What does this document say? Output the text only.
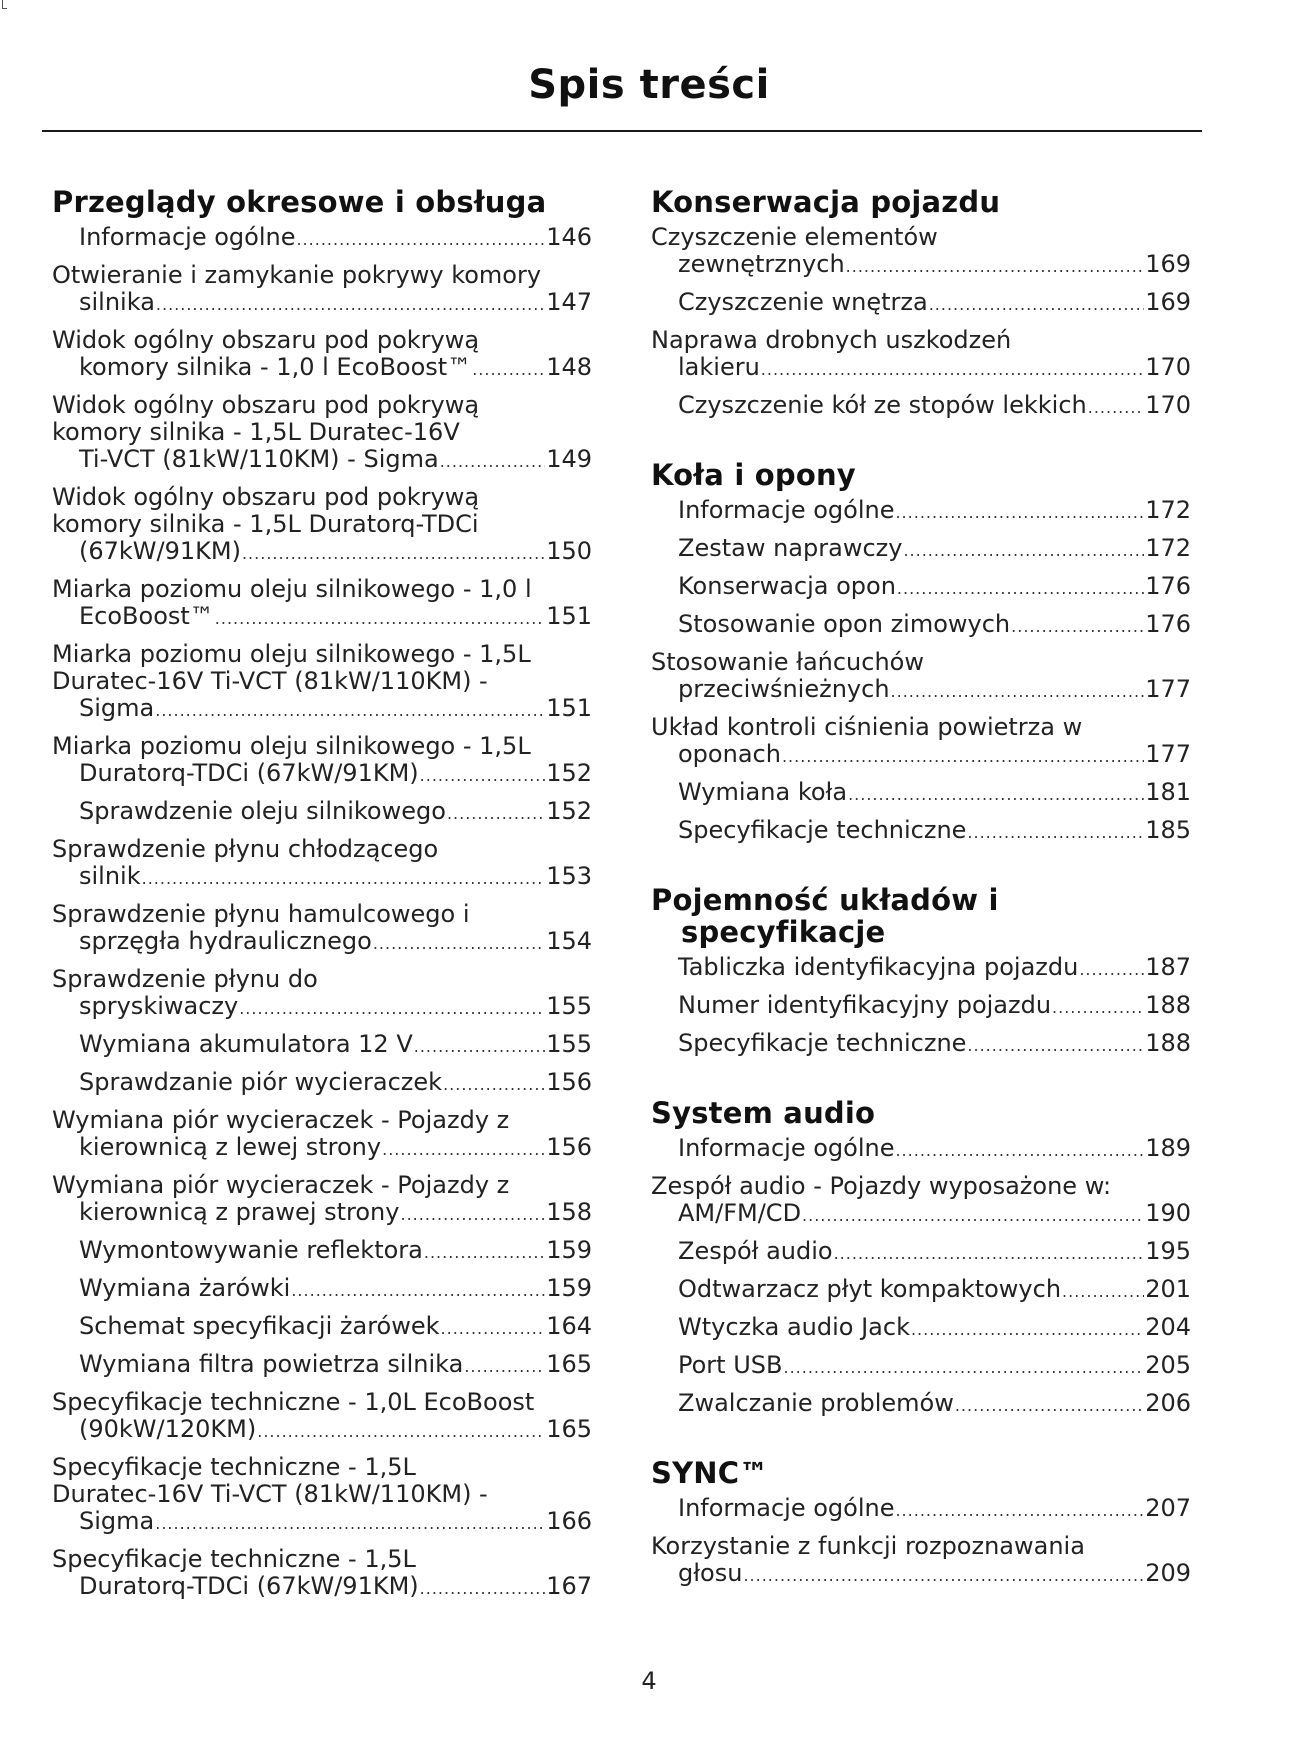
Spis treści
Przeglądy okresowe i obsługa
Informacje ogólne .....	146
Otwieranie i zamykanie pokrywy komory
silnika .....	147
Widok ogólny obszaru pod pokrywą
komory silnika - 1,0 l EcoBoost™ .....	148
Widok ogólny obszaru pod pokrywą
komory silnika - 1,5L Duratec-16V
Ti-VCT (81kW/110KM) - Sigma .....	149
Widok ogólny obszaru pod pokrywą
komory silnika - 1,5L Duratorq-TDCi
(67kW/91KM) .....	150
Miarka poziomu oleju silnikowego - 1,0 l
EcoBoost™ .....	151
Miarka poziomu oleju silnikowego - 1,5L
Duratec-16V Ti-VCT (81kW/110KM) -
Sigma .....	151
Miarka poziomu oleju silnikowego - 1,5L
Duratorq-TDCi (67kW/91KM) .....	152
Sprawdzenie oleju silnikowego .....	152
Sprawdzenie płynu chłodzącego
silnik .....	153
Sprawdzenie płynu hamulcowego i
sprzęgła hydraulicznego .....	154
Sprawdzenie płynu do
spryskiwaczy .....	155
Wymiana akumulatora 12 V .....	155
Sprawdzanie piór wycieraczek .....	156
Wymiana piór wycieraczek - Pojazdy z
kierownicą z lewej strony .....	156
Wymiana piór wycieraczek - Pojazdy z
kierownicą z prawej strony .....	158
Wymontowywanie reflektora .....	159
Wymiana żarówki .....	159
Schemat specyfikacji żarówek .....	164
Wymiana filtra powietrza silnika .....	165
Specyfikacje techniczne - 1,0L EcoBoost
(90kW/120KM) .....	165
Specyfikacje techniczne - 1,5L
Duratec-16V Ti-VCT (81kW/110KM) -
Sigma .....	166
Specyfikacje techniczne - 1,5L
Duratorq-TDCi (67kW/91KM) .....	167
Konserwacja pojazdu
Czyszczenie elementów
zewnętrznych .....	169
Czyszczenie wnętrza .....	169
Naprawa drobnych uszkodzeń
lakieru .....	170
Czyszczenie kół ze stopów lekkich ..... 170
Koła i opony
Informacje ogólne .....	172
Zestaw naprawczy .....	172
Konserwacja opon .....	176
Stosowanie opon zimowych .....	176
Stosowanie łańcuchów
przeciwśnieżnych .....	177
Układ kontroli ciśnienia powietrza w
oponach .....	177
Wymiana koła .....	181
Specyfikacje techniczne .....	185
Pojemność układów i specyfikacje
Tabliczka identyfikacyjna pojazdu .....	187
Numer identyfikacyjny pojazdu .....	188
Specyfikacje techniczne .....	188
System audio
Informacje ogólne .....	189
Zespół audio - Pojazdy wyposażone w:
AM/FM/CD .....	190
Zespół audio .....	195
Odtwarzacz płyt kompaktowych .....	201
Wtyczka audio Jack .....	204
Port USB .....	205
Zwalczanie problemów .....	206
SYNC™
Informacje ogólne .....	207
Korzystanie z funkcji rozpoznawania
głosu .....	209
4
